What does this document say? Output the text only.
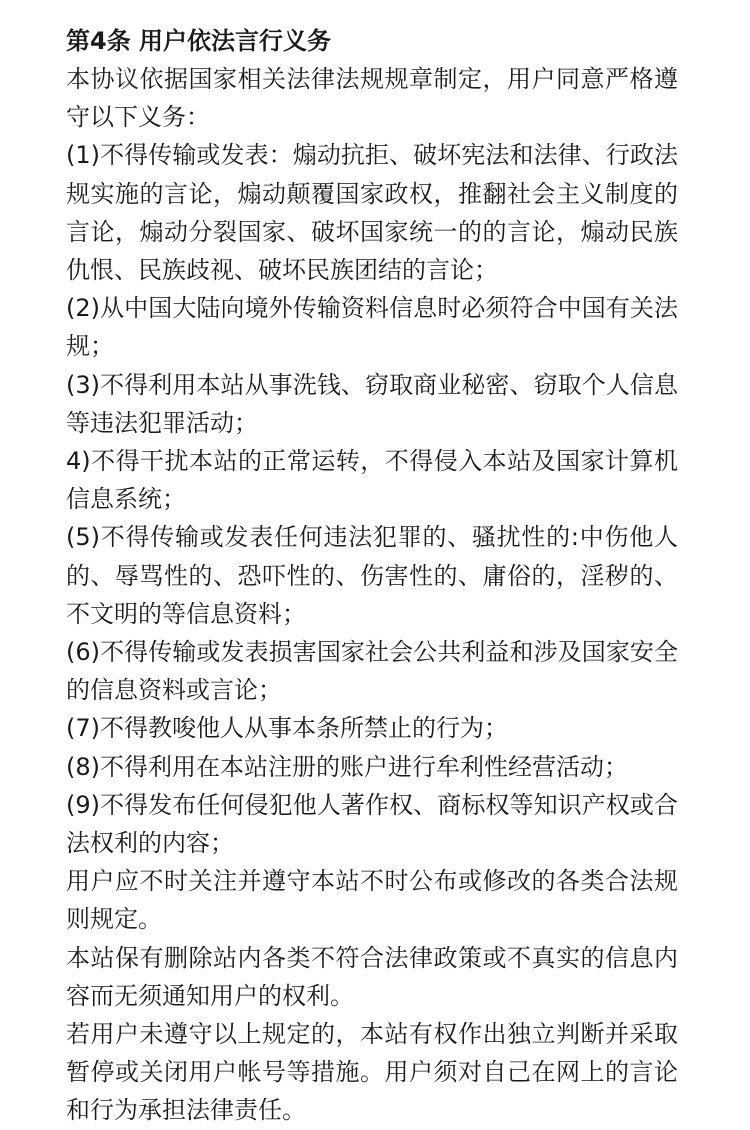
第4条 用户依法言行义务

本协议依据国家相关法律法规规章制定，用户同意严格遵守以下义务：

(1)不得传输或发表：煽动抗拒、破坏宪法和法律、行政法规实施的言论，煽动颠覆国家政权，推翻社会主义制度的言论，煽动分裂国家、破坏国家统一的的言论，煽动民族仇恨、民族歧视、破坏民族团结的言论；

(2)从中国大陆向境外传输资料信息时必须符合中国有关法规；

(3)不得利用本站从事洗钱、窃取商业秘密、窃取个人信息等违法犯罪活动；

4)不得干扰本站的正常运转，不得侵入本站及国家计算机信息系统；

(5)不得传输或发表任何违法犯罪的、骚扰性的:中伤他人的、辱骂性的、恐吓性的、伤害性的、庸俗的，淫秽的、不文明的等信息资料；

(6)不得传输或发表损害国家社会公共利益和涉及国家安全的信息资料或言论；

(7)不得教唆他人从事本条所禁止的行为；

(8)不得利用在本站注册的账户进行牟利性经营活动；

(9)不得发布任何侵犯他人著作权、商标权等知识产权或合法权利的内容；

用户应不时关注并遵守本站不时公布或修改的各类合法规则规定。

本站保有删除站内各类不符合法律政策或不真实的信息内容而无须通知用户的权利。

若用户未遵守以上规定的，本站有权作出独立判断并采取暂停或关闭用户帐号等措施。用户须对自己在网上的言论和行为承担法律责任。
